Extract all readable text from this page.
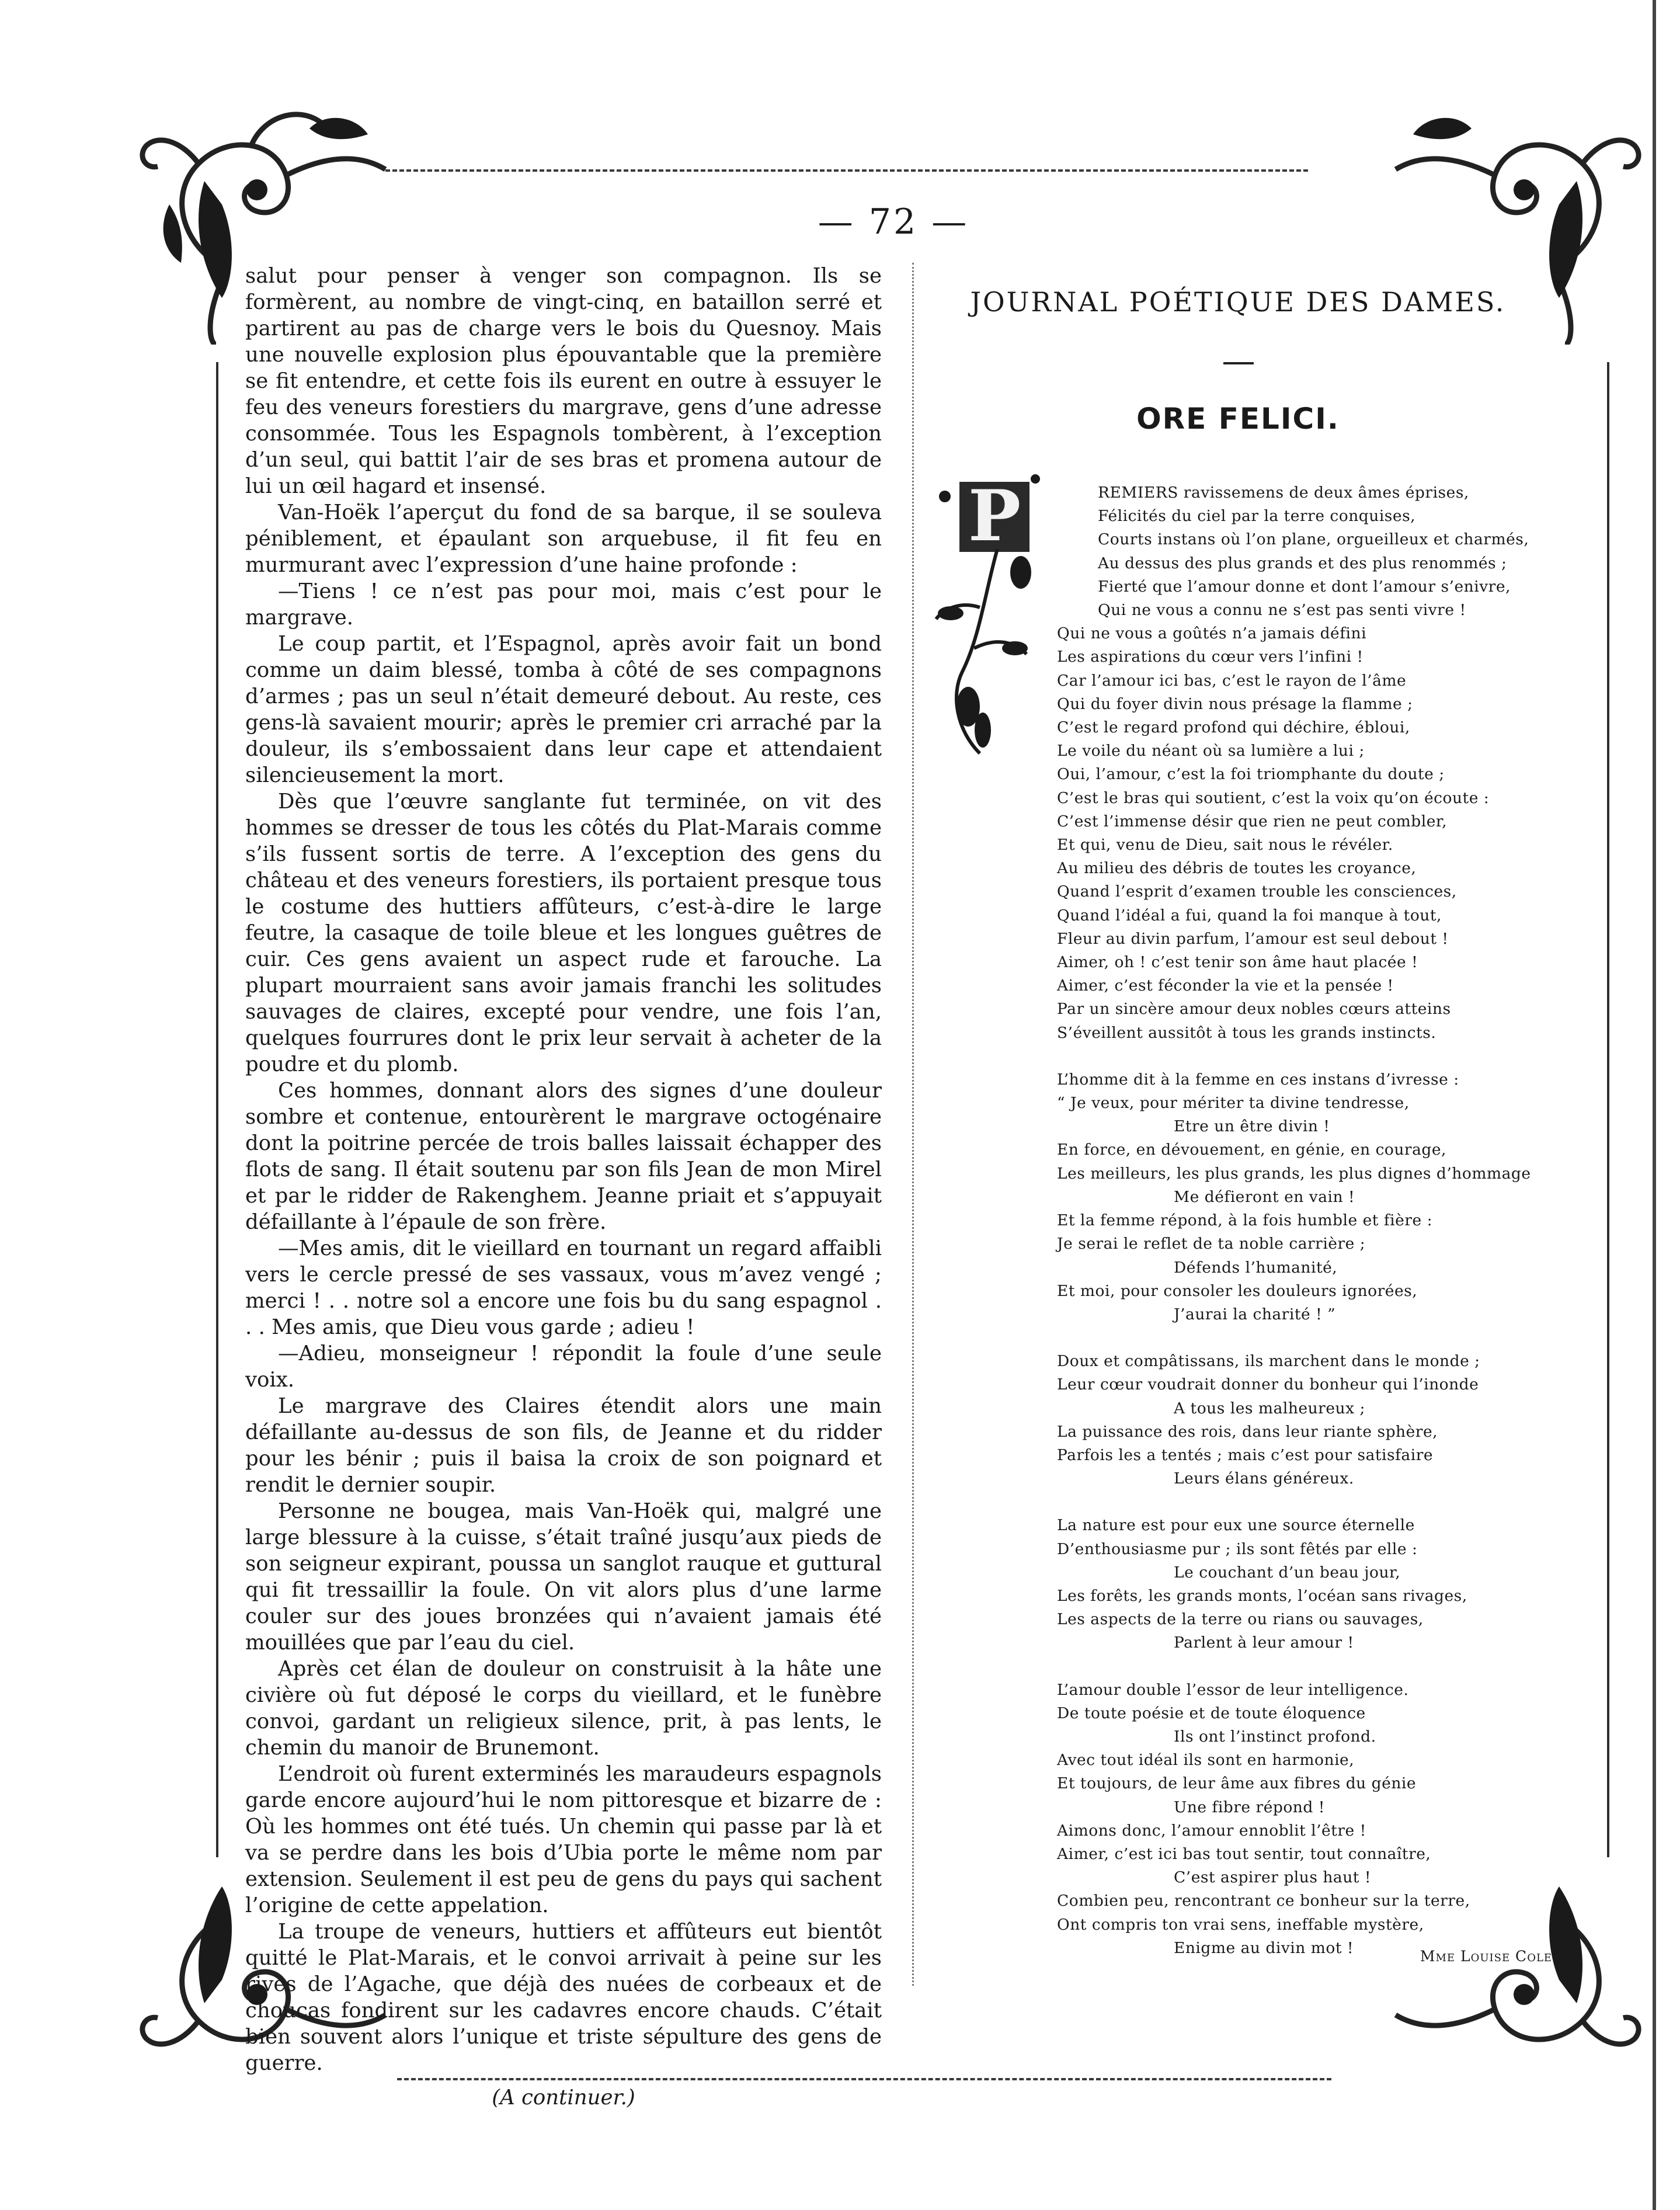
— 72 —

salut pour penser à venger son compagnon. Ils se formèrent, au nombre de vingt-cinq, en bataillon serré et partirent au pas de charge vers le bois du Quesnoy. Mais une nouvelle explosion plus épouvantable que la première se fit entendre, et cette fois ils eurent en outre à essuyer le feu des veneurs forestiers du margrave, gens d’une adresse consommée. Tous les Espagnols tombèrent, à l’exception d’un seul, qui battit l’air de ses bras et promena autour de lui un œil hagard et insensé.

Van-Hoëk l’aperçut du fond de sa barque, il se souleva péniblement, et épaulant son arquebuse, il fit feu en murmurant avec l’expression d’une haine profonde :

—Tiens ! ce n’est pas pour moi, mais c’est pour le margrave.

Le coup partit, et l’Espagnol, après avoir fait un bond comme un daim blessé, tomba à côté de ses compagnons d’armes ; pas un seul n’était demeuré debout. Au reste, ces gens-là savaient mourir; après le premier cri arraché par la douleur, ils s’embossaient dans leur cape et attendaient silencieusement la mort.

Dès que l’œuvre sanglante fut terminée, on vit des hommes se dresser de tous les côtés du Plat-Marais comme s’ils fussent sortis de terre. A l’exception des gens du château et des veneurs forestiers, ils portaient presque tous le costume des huttiers affûteurs, c’est-à-dire le large feutre, la casaque de toile bleue et les longues guêtres de cuir. Ces gens avaient un aspect rude et farouche. La plupart mourraient sans avoir jamais franchi les solitudes sauvages de claires, excepté pour vendre, une fois l’an, quelques fourrures dont le prix leur servait à acheter de la poudre et du plomb.

Ces hommes, donnant alors des signes d’une douleur sombre et contenue, entourèrent le margrave octogénaire dont la poitrine percée de trois balles laissait échapper des flots de sang. Il était soutenu par son fils Jean de mon Mirel et par le ridder de Rakenghem. Jeanne priait et s’appuyait défaillante à l’épaule de son frère.

—Mes amis, dit le vieillard en tournant un regard affaibli vers le cercle pressé de ses vassaux, vous m’avez vengé ; merci ! . . notre sol a encore une fois bu du sang espagnol . . . Mes amis, que Dieu vous garde ; adieu !

—Adieu, monseigneur ! répondit la foule d’une seule voix.

Le margrave des Claires étendit alors une main défaillante au-dessus de son fils, de Jeanne et du ridder pour les bénir ; puis il baisa la croix de son poignard et rendit le dernier soupir.

Personne ne bougea, mais Van-Hoëk qui, malgré une large blessure à la cuisse, s’était traîné jusqu’aux pieds de son seigneur expirant, poussa un sanglot rauque et guttural qui fit tressaillir la foule. On vit alors plus d’une larme couler sur des joues bronzées qui n’avaient jamais été mouillées que par l’eau du ciel.

Après cet élan de douleur on construisit à la hâte une civière où fut déposé le corps du vieillard, et le funèbre convoi, gardant un religieux silence, prit, à pas lents, le chemin du manoir de Brunemont.

L’endroit où furent exterminés les maraudeurs espagnols garde encore aujourd’hui le nom pittoresque et bizarre de : Où les hommes ont été tués. Un chemin qui passe par là et va se perdre dans les bois d’Ubia porte le même nom par extension. Seulement il est peu de gens du pays qui sachent l’origine de cette appelation.

La troupe de veneurs, huttiers et affûteurs eut bientôt quitté le Plat-Marais, et le convoi arrivait à peine sur les rives de l’Agache, que déjà des nuées de corbeaux et de choucas fondirent sur les cadavres encore chauds. C’était bien souvent alors l’unique et triste sépulture des gens de guerre.

(A continuer.)

JOURNAL POÉTIQUE DES DAMES.
ORE FELICI.
P	REMIERS ravissemens de deux âmes éprises,
Félicités du ciel par la terre conquises,
Courts instans où l’on plane, orgueilleux et charmés,
Au dessus des plus grands et des plus renommés ;
Fierté que l’amour donne et dont l’amour s’enivre,
Qui ne vous a connu ne s’est pas senti vivre !
Qui ne vous a goûtés n’a jamais défini
Les aspirations du cœur vers l’infini !
Car l’amour ici bas, c’est le rayon de l’âme
Qui du foyer divin nous présage la flamme ;
C’est le regard profond qui déchire, ébloui,
Le voile du néant où sa lumière a lui ;
Oui, l’amour, c’est la foi triomphante du doute ;
C’est le bras qui soutient, c’est la voix qu’on écoute :
C’est l’immense désir que rien ne peut combler,
Et qui, venu de Dieu, sait nous le révéler.
Au milieu des débris de toutes les croyance,
Quand l’esprit d’examen trouble les consciences,
Quand l’idéal a fui, quand la foi manque à tout,
Fleur au divin parfum, l’amour est seul debout !
Aimer, oh ! c’est tenir son âme haut placée !
Aimer, c’est féconder la vie et la pensée !
Par un sincère amour deux nobles cœurs atteins
S’éveillent aussitôt à tous les grands instincts.
L’homme dit à la femme en ces instans d’ivresse :
“ Je veux, pour mériter ta divine tendresse,
Etre un être divin !
En force, en dévouement, en génie, en courage,
Les meilleurs, les plus grands, les plus dignes d’hommage
Me défieront en vain !
Et la femme répond, à la fois humble et fière :
Je serai le reflet de ta noble carrière ;
Défends l’humanité,
Et moi, pour consoler les douleurs ignorées,
J’aurai la charité ! ”
Doux et compâtissans, ils marchent dans le monde ;
Leur cœur voudrait donner du bonheur qui l’inonde
A tous les malheureux ;
La puissance des rois, dans leur riante sphère,
Parfois les a tentés ; mais c’est pour satisfaire
Leurs élans généreux.
La nature est pour eux une source éternelle
D’enthousiasme pur ; ils sont fêtés par elle :
Le couchant d’un beau jour,
Les forêts, les grands monts, l’océan sans rivages,
Les aspects de la terre ou rians ou sauvages,
Parlent à leur amour !
L’amour double l’essor de leur intelligence.
De toute poésie et de toute éloquence
Ils ont l’instinct profond.
Avec tout idéal ils sont en harmonie,
Et toujours, de leur âme aux fibres du génie
Une fibre répond !
Aimons donc, l’amour ennoblit l’être !
Aimer, c’est ici bas tout sentir, tout connaître,
C’est aspirer plus haut !
Combien peu, rencontrant ce bonheur sur la terre,
Ont compris ton vrai sens, ineffable mystère,
Enigme au divin mot !	Mme Louise Colet.
